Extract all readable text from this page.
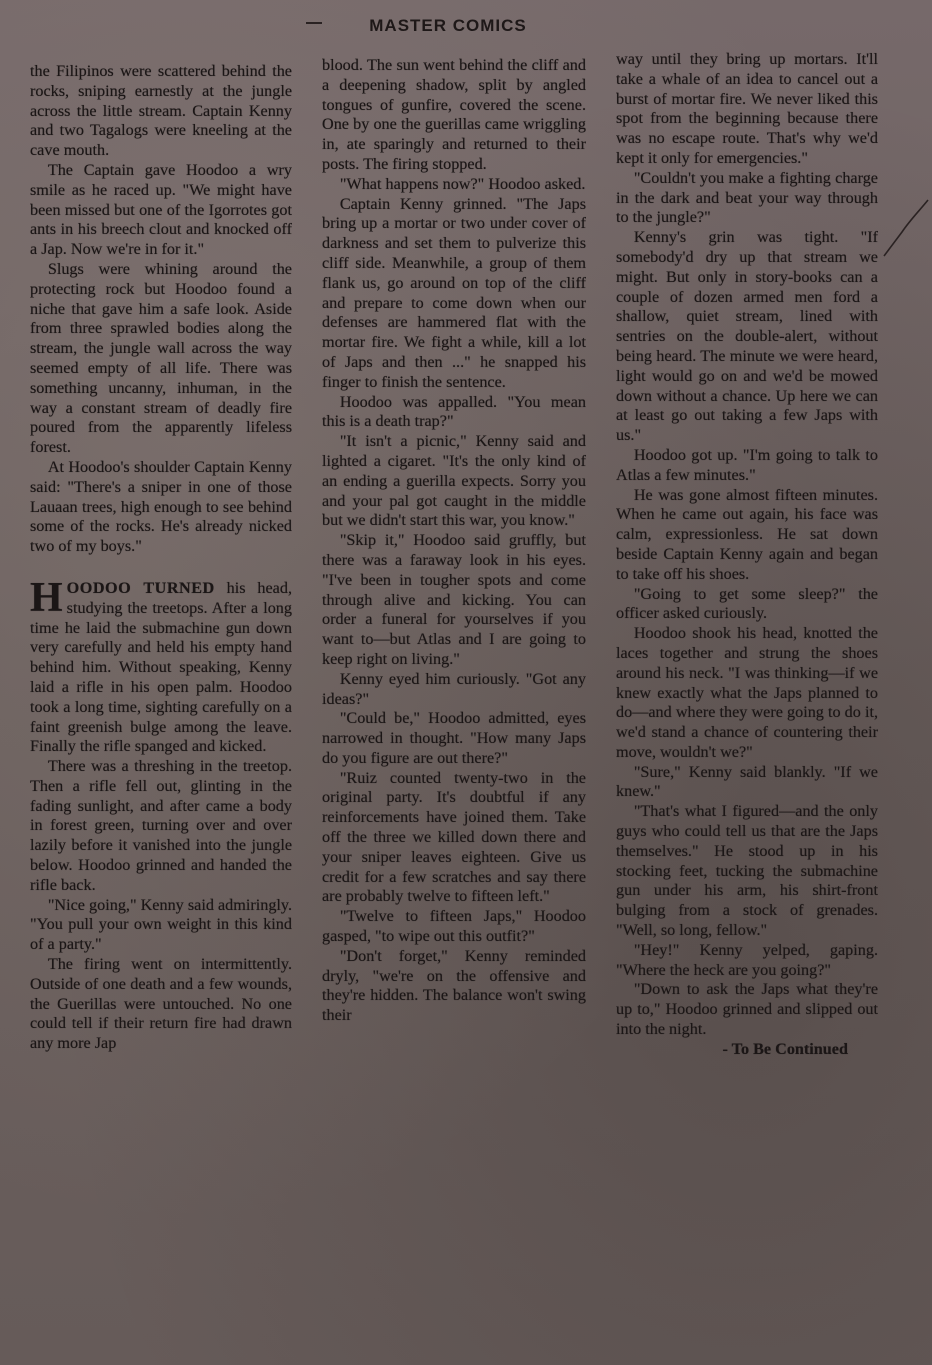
MASTER COMICS

the Filipinos were scattered behind the rocks, sniping earnestly at the jungle across the little stream. Captain Kenny and two Tagalogs were kneeling at the cave mouth.

The Captain gave Hoodoo a wry smile as he raced up. "We might have been missed but one of the Igorrotes got ants in his breech clout and knocked off a Jap. Now we're in for it."

Slugs were whining around the protecting rock but Hoodoo found a niche that gave him a safe look. Aside from three sprawled bodies along the stream, the jungle wall across the way seemed empty of all life. There was something uncanny, inhuman, in the way a constant stream of deadly fire poured from the apparently lifeless forest.

At Hoodoo's shoulder Captain Kenny said: "There's a sniper in one of those Lauaan trees, high enough to see behind some of the rocks. He's already nicked two of my boys."

HOODOO TURNED his head, studying the treetops. After a long time he laid the submachine gun down very carefully and held his empty hand behind him. Without speaking, Kenny laid a rifle in his open palm. Hoodoo took a long time, sighting carefully on a faint greenish bulge among the leave. Finally the rifle spanged and kicked.

There was a threshing in the treetop. Then a rifle fell out, glinting in the fading sunlight, and after came a body in forest green, turning over and over lazily before it vanished into the jungle below. Hoodoo grinned and handed the rifle back.

"Nice going," Kenny said admiringly. "You pull your own weight in this kind of a party."

The firing went on intermittently. Outside of one death and a few wounds, the Guerillas were untouched. No one could tell if their return fire had drawn any more Jap

blood. The sun went behind the cliff and a deepening shadow, split by angled tongues of gunfire, covered the scene. One by one the guerillas came wriggling in, ate sparingly and returned to their posts. The firing stopped.

"What happens now?" Hoodoo asked.

Captain Kenny grinned. "The Japs bring up a mortar or two under cover of darkness and set them to pulverize this cliff side. Meanwhile, a group of them flank us, go around on top of the cliff and prepare to come down when our defenses are hammered flat with the mortar fire. We fight a while, kill a lot of Japs and then ..." he snapped his finger to finish the sentence.

Hoodoo was appalled. "You mean this is a death trap?"

"It isn't a picnic," Kenny said and lighted a cigaret. "It's the only kind of an ending a guerilla expects. Sorry you and your pal got caught in the middle but we didn't start this war, you know."

"Skip it," Hoodoo said gruffly, but there was a faraway look in his eyes. "I've been in tougher spots and come through alive and kicking. You can order a funeral for yourselves if you want to—but Atlas and I are going to keep right on living."

Kenny eyed him curiously. "Got any ideas?"

"Could be," Hoodoo admitted, eyes narrowed in thought. "How many Japs do you figure are out there?"

"Ruiz counted twenty-two in the original party. It's doubtful if any reinforcements have joined them. Take off the three we killed down there and your sniper leaves eighteen. Give us credit for a few scratches and say there are probably twelve to fifteen left."

"Twelve to fifteen Japs," Hoodoo gasped, "to wipe out this outfit?"

"Don't forget," Kenny reminded dryly, "we're on the offensive and they're hidden. The balance won't swing their

way until they bring up mortars. It'll take a whale of an idea to cancel out a burst of mortar fire. We never liked this spot from the beginning because there was no escape route. That's why we'd kept it only for emergencies."

"Couldn't you make a fighting charge in the dark and beat your way through to the jungle?"

Kenny's grin was tight. "If somebody'd dry up that stream we might. But only in story-books can a couple of dozen armed men ford a shallow, quiet stream, lined with sentries on the double-alert, without being heard. The minute we were heard, light would go on and we'd be mowed down without a chance. Up here we can at least go out taking a few Japs with us."

Hoodoo got up. "I'm going to talk to Atlas a few minutes."

He was gone almost fifteen minutes. When he came out again, his face was calm, expressionless. He sat down beside Captain Kenny again and began to take off his shoes.

"Going to get some sleep?" the officer asked curiously.

Hoodoo shook his head, knotted the laces together and strung the shoes around his neck. "I was thinking—if we knew exactly what the Japs planned to do—and where they were going to do it, we'd stand a chance of countering their move, wouldn't we?"

"Sure," Kenny said blankly. "If we knew."

"That's what I figured—and the only guys who could tell us that are the Japs themselves." He stood up in his stocking feet, tucking the submachine gun under his arm, his shirt-front bulging from a stock of grenades. "Well, so long, fellow."

"Hey!" Kenny yelped, gaping. "Where the heck are you going?"

"Down to ask the Japs what they're up to," Hoodoo grinned and slipped out into the night.

- To Be Continued
